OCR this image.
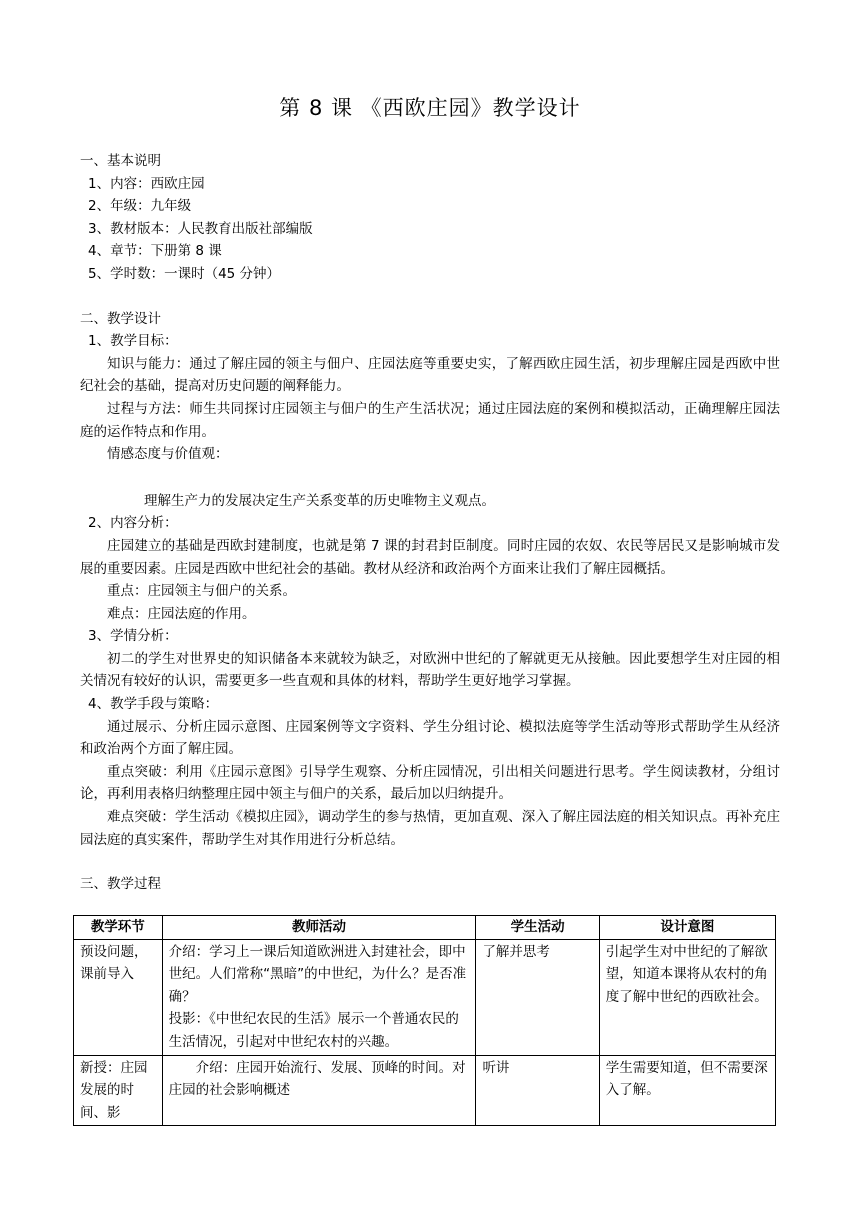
第 8 课 《西欧庄园》教学设计

一、基本说明

1、内容：西欧庄园

2、年级：九年级

3、教材版本：人民教育出版社部编版

4、章节：下册第 8 课

5、学时数：一课时（45 分钟）

二、教学设计

1、教学目标：

知识与能力：通过了解庄园的领主与佃户、庄园法庭等重要史实，了解西欧庄园生活，初步理解庄园是西欧中世纪社会的基础，提高对历史问题的阐释能力。

过程与方法：师生共同探讨庄园领主与佃户的生产生活状况；通过庄园法庭的案例和模拟活动，正确理解庄园法庭的运作特点和作用。

情感态度与价值观：

理解生产力的发展决定生产关系变革的历史唯物主义观点。

2、内容分析：

庄园建立的基础是西欧封建制度，也就是第 7 课的封君封臣制度。同时庄园的农奴、农民等居民又是影响城市发展的重要因素。庄园是西欧中世纪社会的基础。教材从经济和政治两个方面来让我们了解庄园概括。

重点：庄园领主与佃户的关系。

难点：庄园法庭的作用。

3、学情分析：

初二的学生对世界史的知识储备本来就较为缺乏，对欧洲中世纪的了解就更无从接触。因此要想学生对庄园的相关情况有较好的认识，需要更多一些直观和具体的材料，帮助学生更好地学习掌握。

4、教学手段与策略：

通过展示、分析庄园示意图、庄园案例等文字资料、学生分组讨论、模拟法庭等学生活动等形式帮助学生从经济和政治两个方面了解庄园。

重点突破：利用《庄园示意图》引导学生观察、分析庄园情况，引出相关问题进行思考。学生阅读教材，分组讨论，再利用表格归纳整理庄园中领主与佃户的关系，最后加以归纳提升。

难点突破：学生活动《模拟庄园》，调动学生的参与热情，更加直观、深入了解庄园法庭的相关知识点。再补充庄园法庭的真实案件，帮助学生对其作用进行分析总结。

三、教学过程

教学环节	教师活动	学生活动	设计意图
预设问题，课前导入	介绍：学习上一课后知道欧洲进入封建社会，即中世纪。人们常称“黑暗”的中世纪，为什么？是否准确？
投影：《中世纪农民的生活》展示一个普通农民的生活情况，引起对中世纪农村的兴趣。	了解并思考	引起学生对中世纪的了解欲望，知道本课将从农村的角度了解中世纪的西欧社会。
新授：庄园发展的时间、影	介绍：庄园开始流行、发展、顶峰的时间。对庄园的社会影响概述	听讲	学生需要知道，但不需要深入了解。
